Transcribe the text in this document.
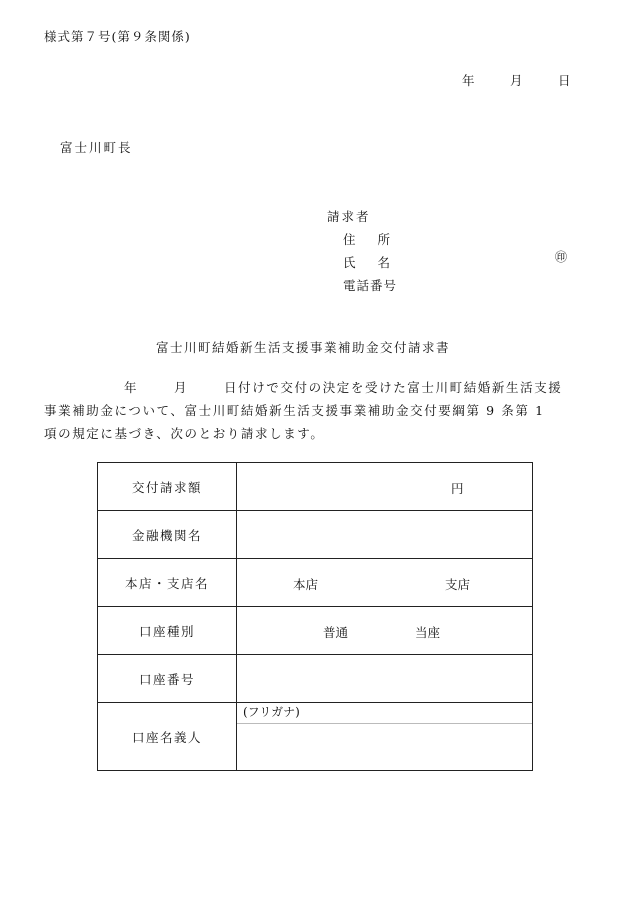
様式第７号(第９条関係)
年	月	日
富士川町長
請求者
住所
氏名
電話番号
㊞
富士川町結婚新生活支援事業補助金交付請求書
年	月	日付けで交付の決定を受けた富士川町結婚新生活支援
事業補助金について、富士川町結婚新生活支援事業補助金交付要綱第 9 条第 1
項の規定に基づき、次のとおり請求します。
交付請求額	円

金融機関名	
本店・支店名	本店 支店

口座種別	普通 当座

口座番号	
口座名義人	(フリガナ)
